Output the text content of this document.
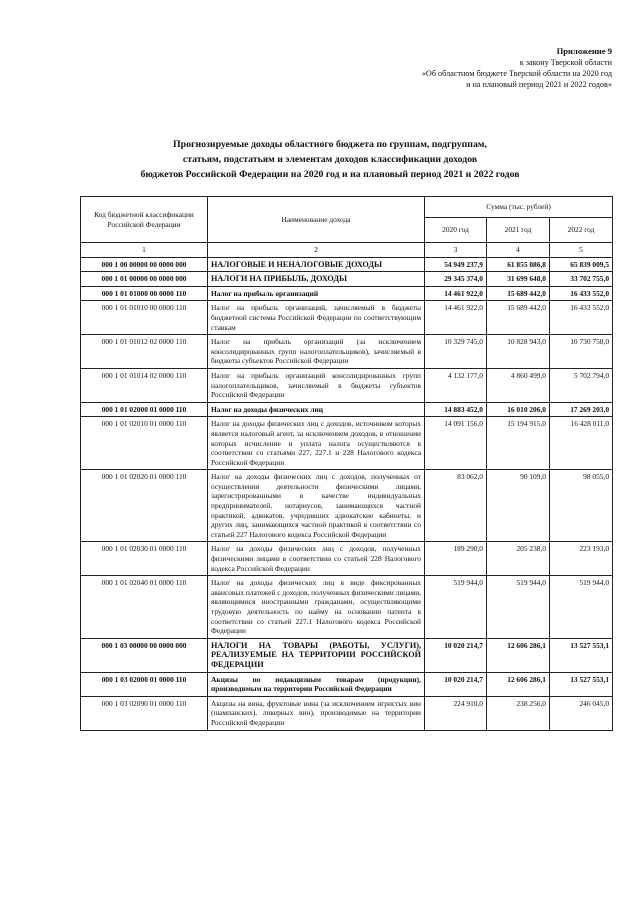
Приложение 9
к закону Тверской области
«Об областном бюджете Тверской области на 2020 год
и на плановый период 2021 и 2022 годов»
Прогнозируемые доходы областного бюджета по группам, подгруппам,
статьям, подстатьям и элементам доходов классификации доходов
бюджетов Российской Федерации на 2020 год и на плановый период 2021 и 2022 годов
Код бюджетной классификации Российской Федерации	Наименование дохода	Сумма (тыс. рублей)		
		2020 год	2021 год	2022 год
1	2	3	4	5
000 1 00 00000 00 0000 000	НАЛОГОВЫЕ И НЕНАЛОГОВЫЕ ДОХОДЫ	54 949 237,9	61 855 086,8	65 839 009,5
000 1 01 00000 00 0000 000	НАЛОГИ НА ПРИБЫЛЬ, ДОХОДЫ	29 345 374,0	31 699 648,0	33 702 755,0
000 1 01 01000 00 0000 110	Налог на прибыль организаций	14 461 922,0	15 689 442,0	16 433 552,0
000 1 01 01010 00 0000 110	Налог на прибыль организаций, зачисляемый в бюджеты бюджетной системы Российской Федерации по соответствующим ставкам	14 461 922,0	15 689 442,0	16 433 552,0
000 1 01 01012 02 0000 110	Налог на прибыль организаций (за исключением консолидированных групп налогоплательщиков), зачисляемый в бюджеты субъектов Российской Федерации	10 329 745,0	10 828 943,0	10 730 758,0
000 1 01 01014 02 0000 110	Налог на прибыль организаций консолидированных групп налогоплательщиков, зачисляемый в бюджеты субъектов Российской Федерации	4 132 177,0	4 860 499,0	5 702 794,0
000 1 01 02000 01 0000 110	Налог на доходы физических лиц	14 883 452,0	16 010 206,0	17 269 203,0
000 1 01 02010 01 0000 110	Налог на доходы физических лиц с доходов, источником которых является налоговый агент, за исключением доходов, в отношении которых исчисление и уплата налога осуществляются в соответствии со статьями 227, 227.1 и 228 Налогового кодекса Российской Федерации	14 091 156,0	15 194 915,0	16 428 011,0
000 1 01 02020 01 0000 110	Налог на доходы физических лиц с доходов, полученных от осуществления деятельности физическими лицами, зарегистрированными в качестве индивидуальных предпринимателей, нотариусов, занимающихся частной практикой, адвокатов, учредивших адвокатские кабинеты, и других лиц, занимающихся частной практикой в соответствии со статьей 227 Налогового кодекса Российской Федерации	83 062,0	90 109,0	98 055,0
000 1 01 02030 01 0000 110	Налог на доходы физических лиц с доходов, полученных физическими лицами в соответствии со статьей 228 Налогового кодекса Российской Федерации	189 290,0	205 238,0	223 193,0
000 1 01 02040 01 0000 110	Налог на доходы физических лиц в виде фиксированных авансовых платежей с доходов, полученных физическими лицами, являющимися иностранными гражданами, осуществляющими трудовую деятельность по найму на основании патента в соответствии со статьей 227.1 Налогового кодекса Российской Федерации	519 944,0	519 944,0	519 944,0
000 1 03 00000 00 0000 000	НАЛОГИ НА ТОВАРЫ (РАБОТЫ, УСЛУГИ), РЕАЛИЗУЕМЫЕ НА ТЕРРИТОРИИ РОССИЙСКОЙ ФЕДЕРАЦИИ	10 020 214,7	12 606 286,1	13 527 553,1
000 1 03 02000 01 0000 110	Акцизы по подакцизным товарам (продукции), производимым на территории Российской Федерации	10 020 214,7	12 606 286,1	13 527 553,1
000 1 03 02090 01 0000 110	Акцизы на вина, фруктовые вина (за исключением игристых вин (шампанских), ликерных вин), производимые на территории Российской Федерации	224 910,0	238 256,0	246 045,0
